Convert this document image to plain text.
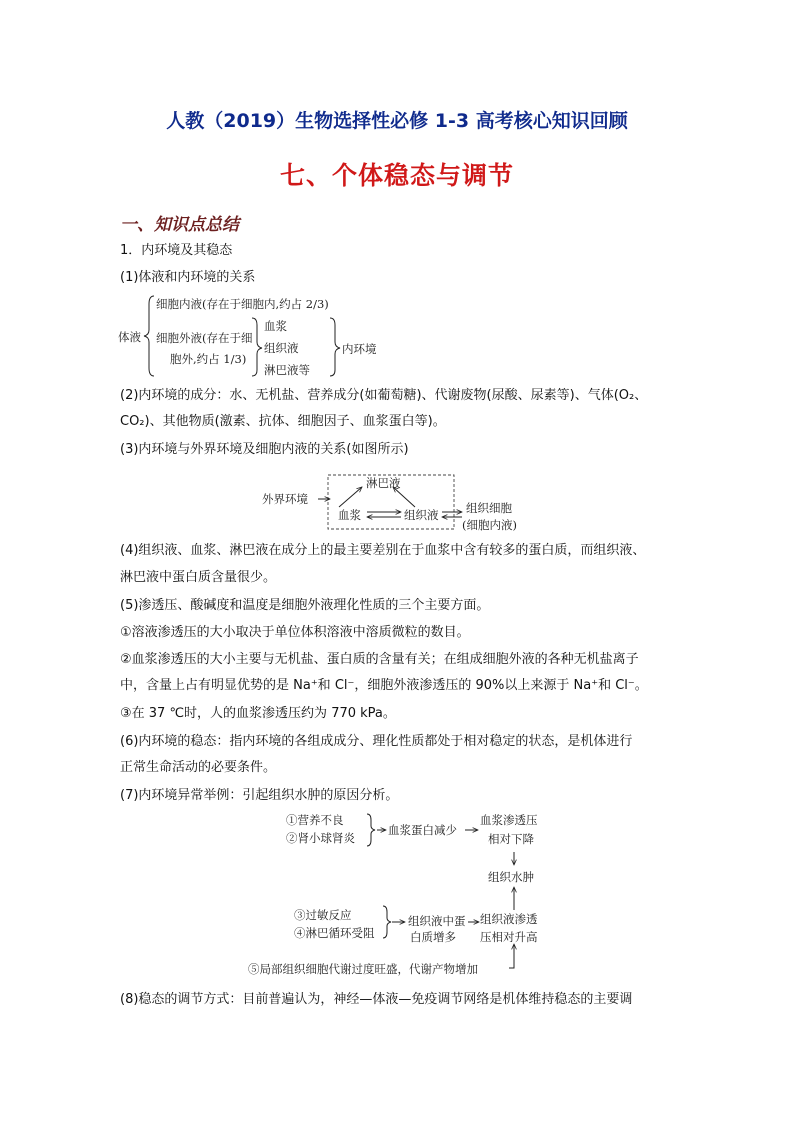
人教（2019）生物选择性必修 1-3 高考核心知识回顾
七、个体稳态与调节
一、知识点总结
1．内环境及其稳态
(1)体液和内环境的关系
体液
细胞内液(存在于细胞内,约占 2/3)
细胞外液(存在于细
胞外,约占 1/3)
血浆
组织液
淋巴液等
内环境
(2)内环境的成分：水、无机盐、营养成分(如葡萄糖)、代谢废物(尿酸、尿素等)、气体(O₂、
CO₂)、其他物质(激素、抗体、细胞因子、血浆蛋白等)。
(3)内环境与外界环境及细胞内液的关系(如图所示)
外界环境
淋巴液
血浆	组织液 组织细胞
(细胞内液)
(4)组织液、血浆、淋巴液在成分上的最主要差别在于血浆中含有较多的蛋白质，而组织液、
淋巴液中蛋白质含量很少。
(5)渗透压、酸碱度和温度是细胞外液理化性质的三个主要方面。
①溶液渗透压的大小取决于单位体积溶液中溶质微粒的数目。
②血浆渗透压的大小主要与无机盐、蛋白质的含量有关；在组成细胞外液的各种无机盐离子
中，含量上占有明显优势的是 Na⁺和 Cl⁻，细胞外液渗透压的 90%以上来源于 Na⁺和 Cl⁻。
③在 37 ℃时，人的血浆渗透压约为 770 kPa。
(6)内环境的稳态：指内环境的各组成成分、理化性质都处于相对稳定的状态，是机体进行
正常生命活动的必要条件。
(7)内环境异常举例：引起组织水肿的原因分析。
①营养不良
②肾小球肾炎
血浆蛋白减少
血浆渗透压
相对下降
组织水肿
③过敏反应
④淋巴循环受阻
组织液中蛋
白质增多
组织液渗透
压相对升高
⑤局部组织细胞代谢过度旺盛，代谢产物增加
(8)稳态的调节方式：目前普遍认为，神经—体液—免疫调节网络是机体维持稳态的主要调
